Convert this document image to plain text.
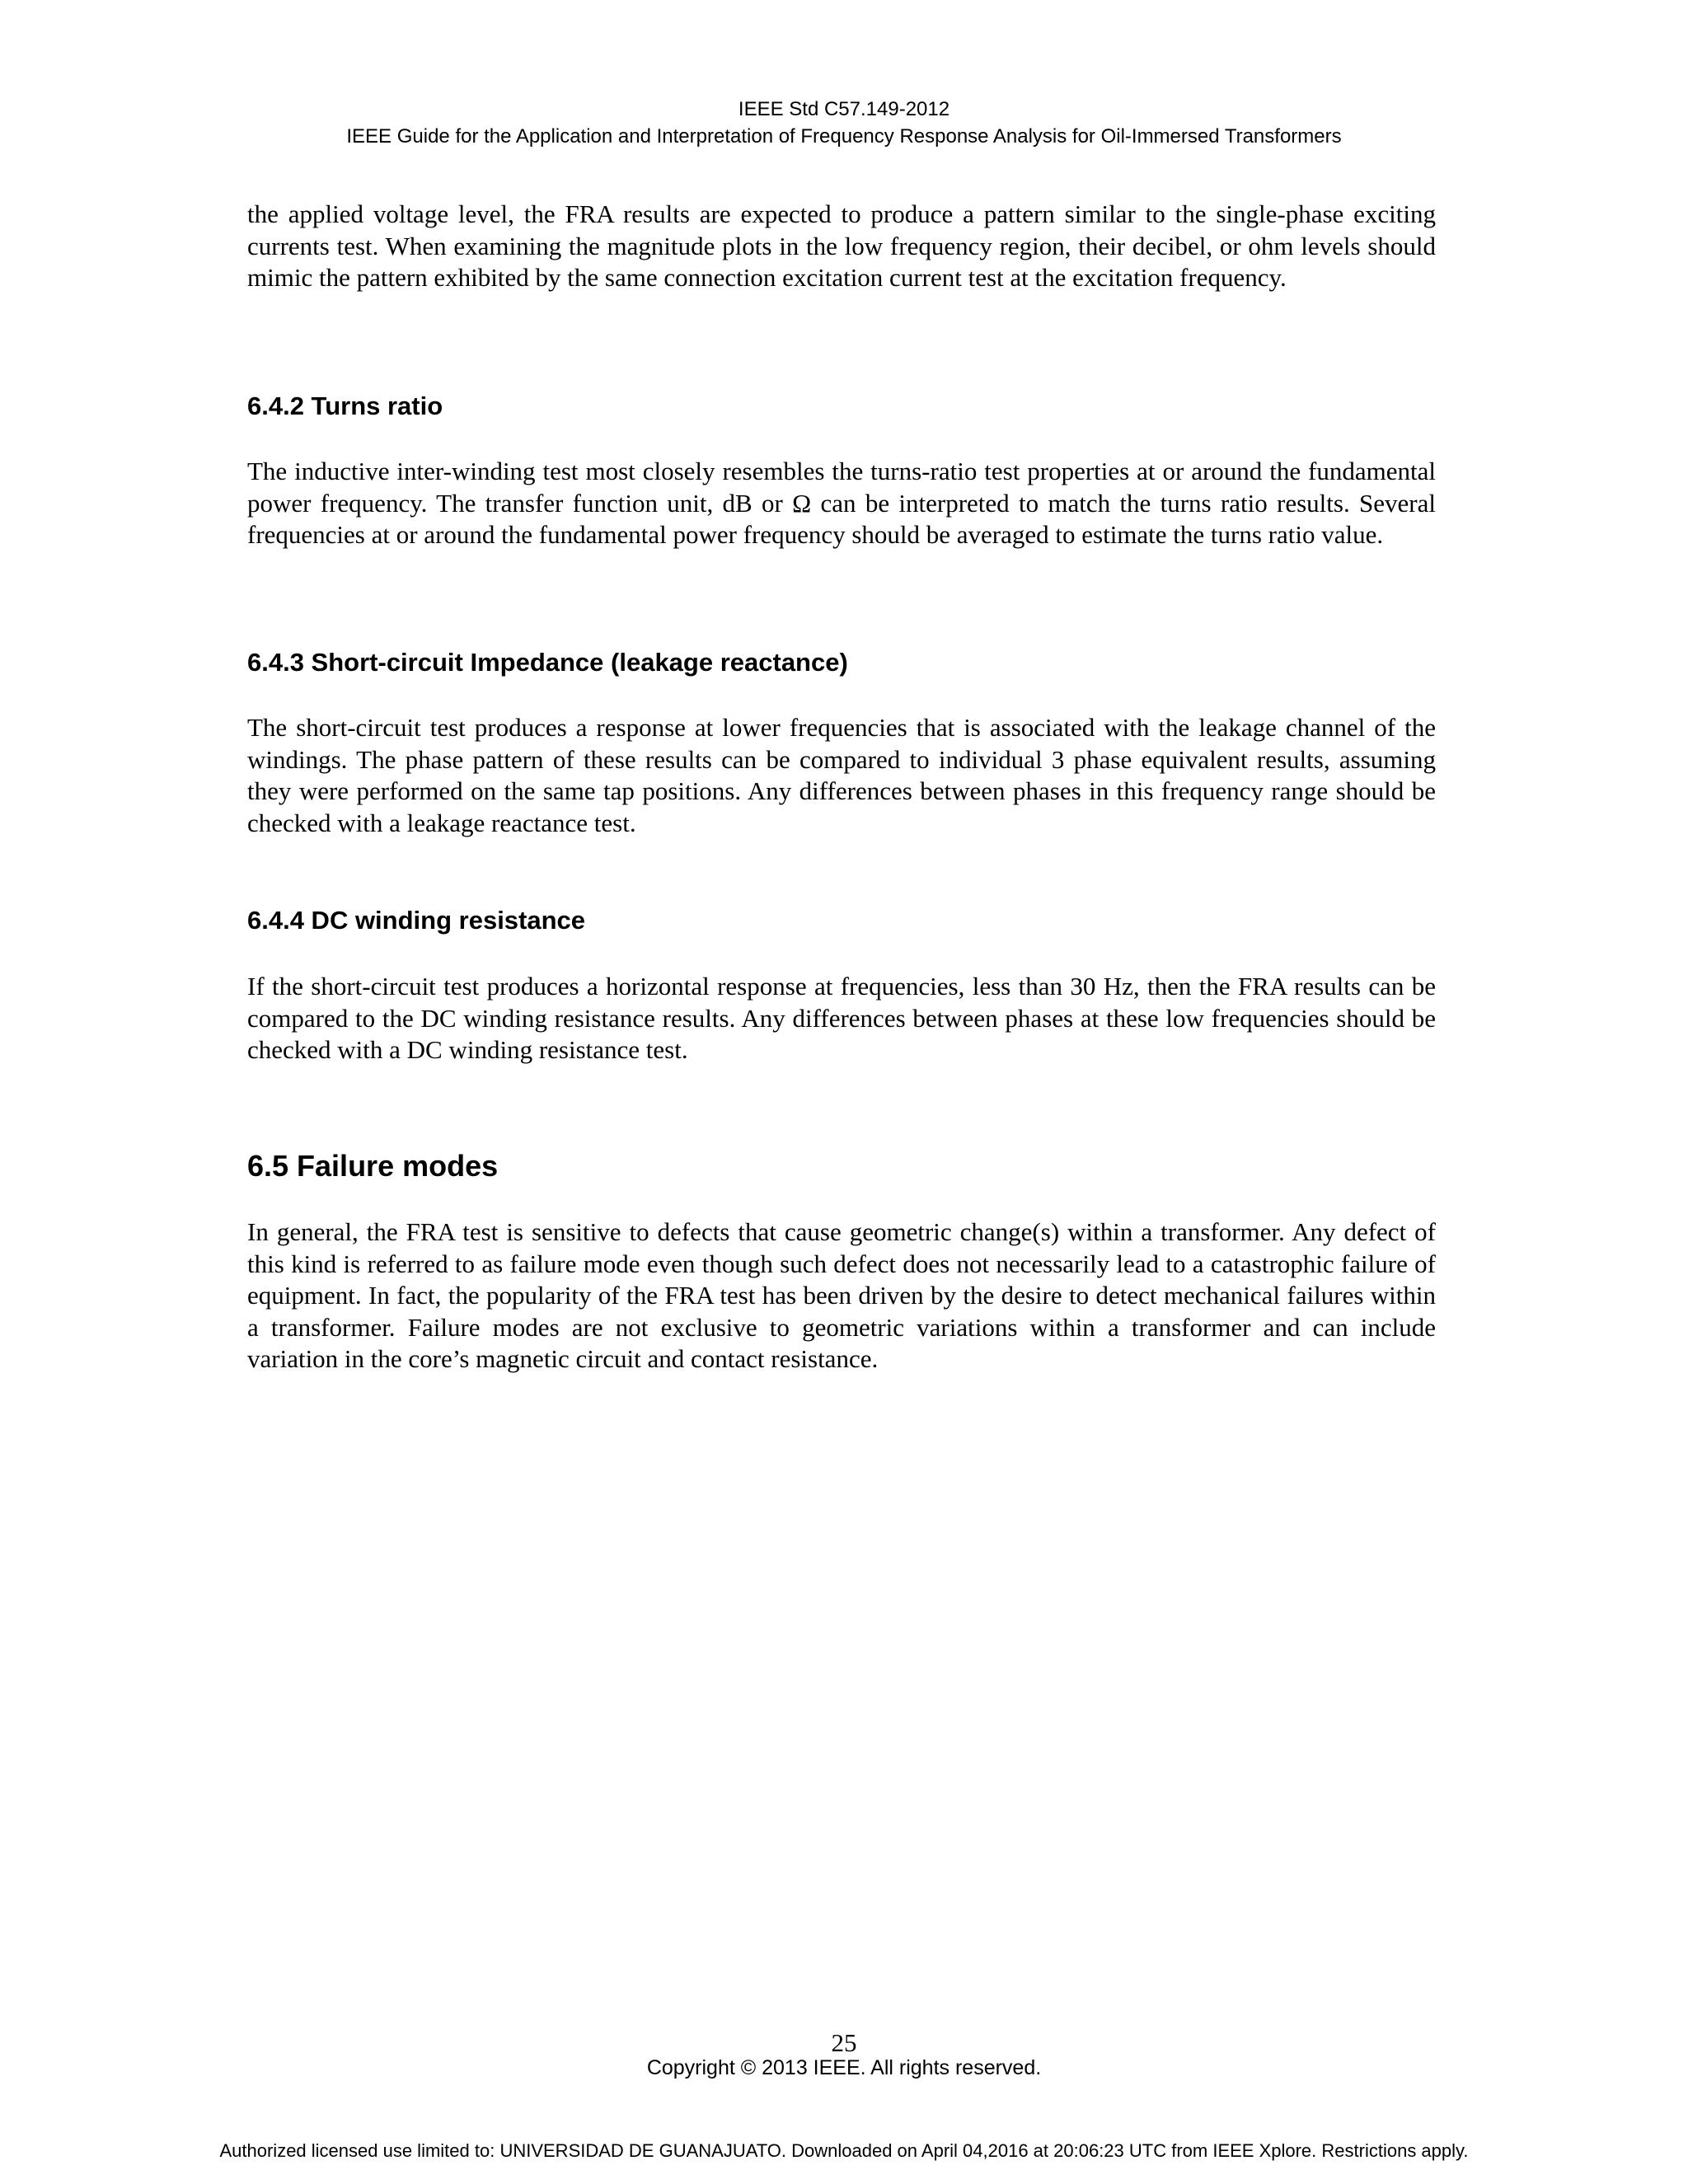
IEEE Std C57.149-2012
IEEE Guide for the Application and Interpretation of Frequency Response Analysis for Oil-Immersed Transformers

the applied voltage level, the FRA results are expected to produce a pattern similar to the single-phase exciting currents test. When examining the magnitude plots in the low frequency region, their decibel, or ohm levels should mimic the pattern exhibited by the same connection excitation current test at the excitation frequency.

6.4.2 Turns ratio

The inductive inter-winding test most closely resembles the turns-ratio test properties at or around the fundamental power frequency. The transfer function unit, dB or Ω can be interpreted to match the turns ratio results. Several frequencies at or around the fundamental power frequency should be averaged to estimate the turns ratio value.

6.4.3 Short-circuit Impedance (leakage reactance)

The short-circuit test produces a response at lower frequencies that is associated with the leakage channel of the windings. The phase pattern of these results can be compared to individual 3 phase equivalent results, assuming they were performed on the same tap positions. Any differences between phases in this frequency range should be checked with a leakage reactance test.

6.4.4 DC winding resistance

If the short-circuit test produces a horizontal response at frequencies, less than 30 Hz, then the FRA results can be compared to the DC winding resistance results. Any differences between phases at these low frequencies should be checked with a DC winding resistance test.

6.5 Failure modes

In general, the FRA test is sensitive to defects that cause geometric change(s) within a transformer. Any defect of this kind is referred to as failure mode even though such defect does not necessarily lead to a catastrophic failure of equipment. In fact, the popularity of the FRA test has been driven by the desire to detect mechanical failures within a transformer. Failure modes are not exclusive to geometric variations within a transformer and can include variation in the core’s magnetic circuit and contact resistance.

25
Copyright © 2013 IEEE. All rights reserved.
Authorized licensed use limited to: UNIVERSIDAD DE GUANAJUATO. Downloaded on April 04,2016 at 20:06:23 UTC from IEEE Xplore. Restrictions apply.
